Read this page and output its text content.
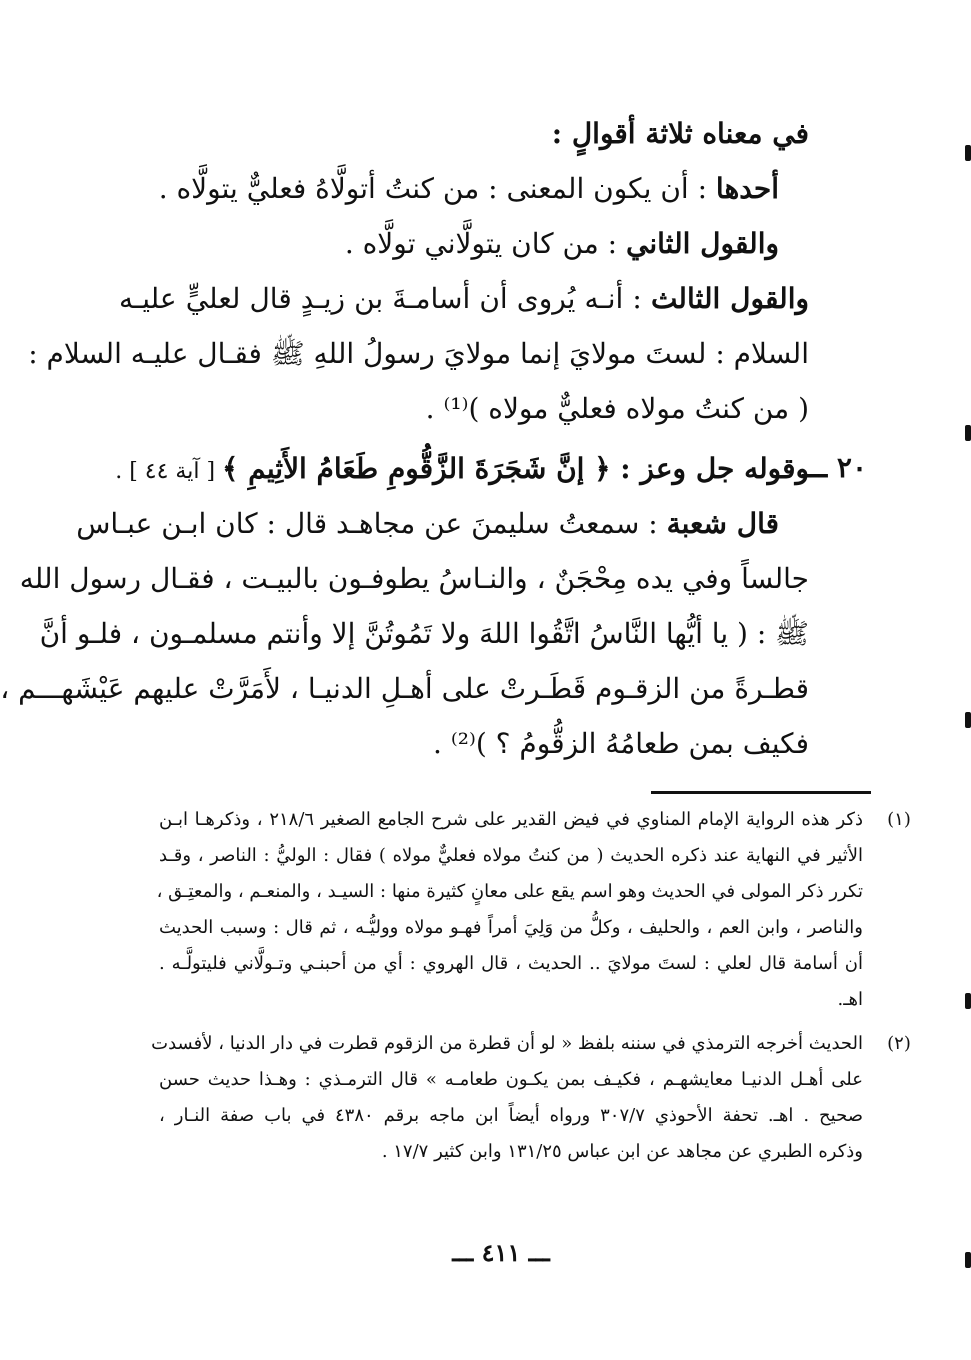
في معناه ثلاثة أقوالٍ :
أحدها : أن يكون المعنى : من كنتُ أتولَّاهُ فعليٌّ يتولَّاه .
والقول الثاني : من كان يتولَّاني تولَّاه .
والقول الثالث : أنـه يُروى أن أسامـةَ بن زيـدٍ قال لعليٍّ عليـه
السلام : لستَ مولايَ إنما مولايَ رسولُ اللهِ ﷺ فقـال عليـه السلام :
( من كنتُ مولاه فعليٌّ مولاه )⁽¹⁾ .
٢٠ ـــ
وقوله جل وعز : ﴿ إنَّ شَجَرَةَ الزَّقُّومِ طَعَامُ الأَثِيمِ ﴾ [ آية ٤٤ ] .
قال شعبة : سمعتُ سليمنَ عن مجاهـد قال : كان ابـن عبـاس
جالساً وفي يده مِحْجَنٌ ، والنـاسُ يطوفـون بالبيـت ، فقـال رسول الله
ﷺ : ( يا أيُّها النَّاسُ اتَّقُوا اللهَ ولا تَمُوتُنَّ إلا وأنتم مسلمـون ، فلـو أنَّ
قطـرةً من الزقـوم قَطَـرتْ على أهـلِ الدنيـا ، لأَمَرَّتْ عليهم عَيْشَهـــم ،
فكيف بمن طعامُهُ الزقُّومُ ؟ )⁽²⁾ .
(١)
ذكر هذه الرواية الإمام المناوي في فيض القدير على شرح الجامع الصغير ٢١٨/٦ ، وذكرهـا ابـن
الأثير في النهاية عند ذكره الحديث ( من كنتُ مولاه فعليٌّ مولاه ) فقال : الوليُّ : الناصر ، وقـد
تكرر ذكر المولى في الحديث وهو اسم يقع على معانٍ كثيرة منها : السيـد ، والمنعـم ، والمعتِـق ،
والناصر ، وابن العم ، والحليف ، وكلُّ من وَلِيَ أمراً فهـو مولاه ووليُّـه ، ثم قال : وسبب الحديث
أن أسامة قال لعلي : لستَ مولايَ .. الحديث ، قال الهروي : أي من أحبنـي وتـولَّاني فليتولَّـه .
اهـ.
(٢)
الحديث أخرجه الترمذي في سننه بلفظ « لو أن قطرة من الزقوم قطرت في دار الدنيا ، لأفسدت
على أهـل الدنيـا معايشهـم ، فكيـف بمن يكـون طعامـه » قال الترمـذي : وهـذا حديث حسن
صحيح . اهـ. تحفة الأحوذي ٣٠٧/٧ ورواه أيضاً ابن ماجه برقم ٤٣٨٠ في باب صفة النـار ،
وذكره الطبري عن مجاهد عن ابن عباس ١٣١/٢٥ وابن كثير ١٧/٧ .
ـــ ٤١١ ـــ
